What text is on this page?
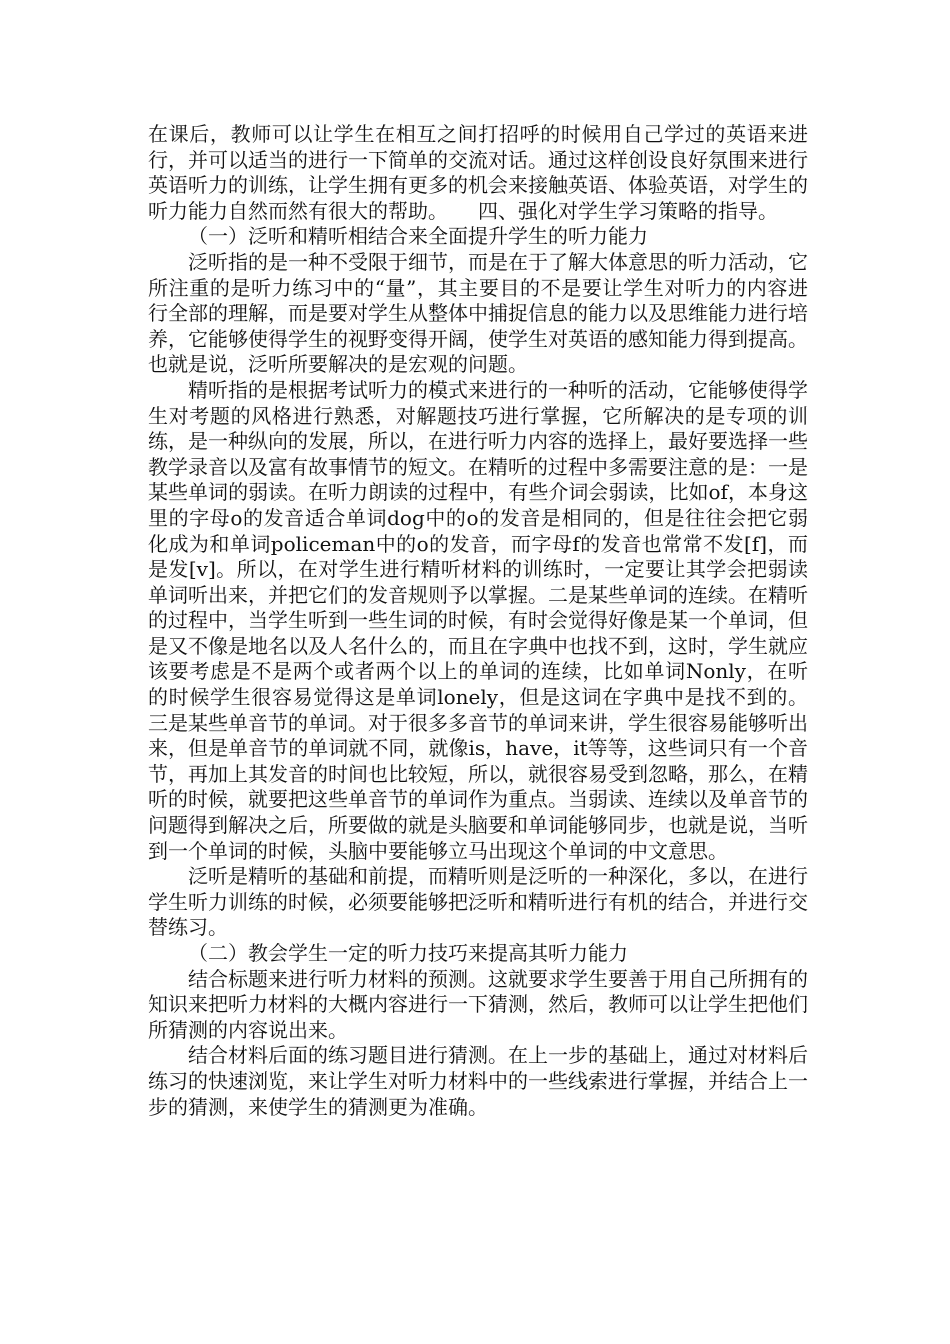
在课后，教师可以让学生在相互之间打招呼的时候用自己学过的英语来进行，并可以适当的进行一下简单的交流对话。通过这样创设良好氛围来进行英语听力的训练，让学生拥有更多的机会来接触英语、体验英语，对学生的听力能力自然而然有很大的帮助。　　四、强化对学生学习策略的指导。

（一）泛听和精听相结合来全面提升学生的听力能力

泛听指的是一种不受限于细节，而是在于了解大体意思的听力活动，它所注重的是听力练习中的“量”，其主要目的不是要让学生对听力的内容进行全部的理解，而是要对学生从整体中捕捉信息的能力以及思维能力进行培养，它能够使得学生的视野变得开阔，使学生对英语的感知能力得到提高。也就是说，泛听所要解决的是宏观的问题。

精听指的是根据考试听力的模式来进行的一种听的活动，它能够使得学生对考题的风格进行熟悉，对解题技巧进行掌握，它所解决的是专项的训练，是一种纵向的发展，所以，在进行听力内容的选择上，最好要选择一些教学录音以及富有故事情节的短文。在精听的过程中多需要注意的是：一是某些单词的弱读。在听力朗读的过程中，有些介词会弱读，比如of，本身这里的字母o的发音适合单词dog中的o的发音是相同的，但是往往会把它弱化成为和单词policeman中的o的发音，而字母f的发音也常常不发[f]，而是发[v]。所以，在对学生进行精听材料的训练时，一定要让其学会把弱读单词听出来，并把它们的发音规则予以掌握。二是某些单词的连续。在精听的过程中，当学生听到一些生词的时候，有时会觉得好像是某一个单词，但是又不像是地名以及人名什么的，而且在字典中也找不到，这时，学生就应该要考虑是不是两个或者两个以上的单词的连续，比如单词Nonly，在听的时候学生很容易觉得这是单词lonely，但是这词在字典中是找不到的。三是某些单音节的单词。对于很多多音节的单词来讲，学生很容易能够听出来，但是单音节的单词就不同，就像is，have，it等等，这些词只有一个音节，再加上其发音的时间也比较短，所以，就很容易受到忽略，那么，在精听的时候，就要把这些单音节的单词作为重点。当弱读、连续以及单音节的问题得到解决之后，所要做的就是头脑要和单词能够同步，也就是说，当听到一个单词的时候，头脑中要能够立马出现这个单词的中文意思。

泛听是精听的基础和前提，而精听则是泛听的一种深化，多以，在进行学生听力训练的时候，必须要能够把泛听和精听进行有机的结合，并进行交替练习。

（二）教会学生一定的听力技巧来提高其听力能力

结合标题来进行听力材料的预测。这就要求学生要善于用自己所拥有的知识来把听力材料的大概内容进行一下猜测，然后，教师可以让学生把他们所猜测的内容说出来。

结合材料后面的练习题目进行猜测。在上一步的基础上，通过对材料后练习的快速浏览，来让学生对听力材料中的一些线索进行掌握，并结合上一步的猜测，来使学生的猜测更为准确。
